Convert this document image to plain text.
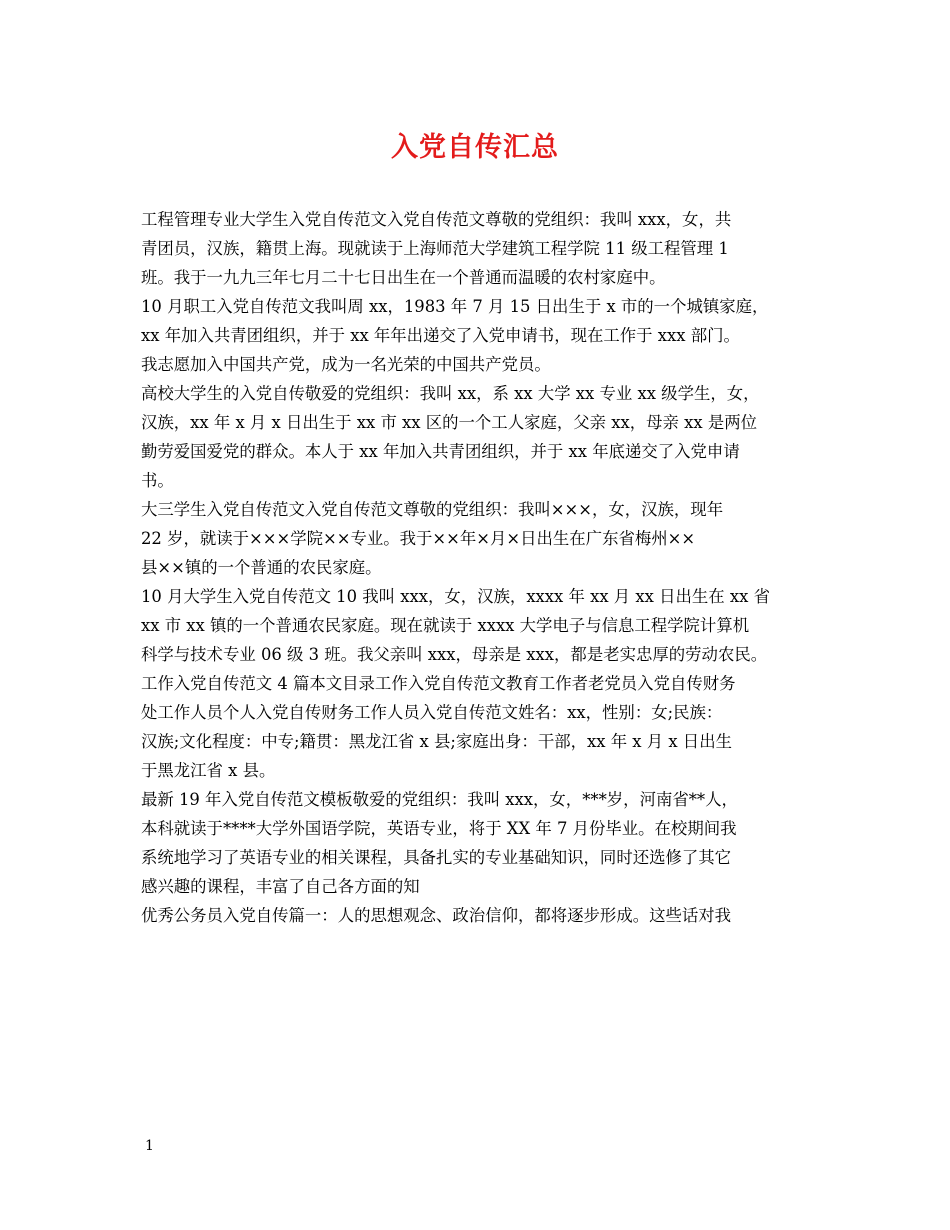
入党自传汇总
工程管理专业大学生入党自传范文入党自传范文尊敬的党组织：我叫 xxx，女，共
青团员，汉族，籍贯上海。现就读于上海师范大学建筑工程学院 11 级工程管理 1
班。我于一九九三年七月二十七日出生在一个普通而温暖的农村家庭中。
10 月职工入党自传范文我叫周 xx，1983 年 7 月 15 日出生于 x 市的一个城镇家庭，
xx 年加入共青团组织，并于 xx 年年出递交了入党申请书，现在工作于 xxx 部门。
我志愿加入中国共产党，成为一名光荣的中国共产党员。
高校大学生的入党自传敬爱的党组织：我叫 xx，系 xx 大学 xx 专业 xx 级学生，女，
汉族，xx 年 x 月 x 日出生于 xx 市 xx 区的一个工人家庭，父亲 xx，母亲 xx 是两位
勤劳爱国爱党的群众。本人于 xx 年加入共青团组织，并于 xx 年底递交了入党申请
书。
大三学生入党自传范文入党自传范文尊敬的党组织：我叫×××，女，汉族，现年
22 岁，就读于×××学院××专业。我于××年×月×日出生在广东省梅州××
县××镇的一个普通的农民家庭。
10 月大学生入党自传范文 10 我叫 xxx，女，汉族，xxxx 年 xx 月 xx 日出生在 xx 省
xx 市 xx 镇的一个普通农民家庭。现在就读于 xxxx 大学电子与信息工程学院计算机
科学与技术专业 06 级 3 班。我父亲叫 xxx，母亲是 xxx，都是老实忠厚的劳动农民。
工作入党自传范文 4 篇本文目录工作入党自传范文教育工作者老党员入党自传财务
处工作人员个人入党自传财务工作人员入党自传范文姓名：xx，性别：女;民族：
汉族;文化程度：中专;籍贯：黑龙江省 x 县;家庭出身：干部，xx 年 x 月 x 日出生
于黑龙江省 x 县。
最新 19 年入党自传范文模板敬爱的党组织：我叫 xxx，女，***岁，河南省**人，
本科就读于****大学外国语学院，英语专业，将于 XX 年 7 月份毕业。在校期间我
系统地学习了英语专业的相关课程，具备扎实的专业基础知识，同时还选修了其它
感兴趣的课程，丰富了自己各方面的知
优秀公务员入党自传篇一：人的思想观念、政治信仰，都将逐步形成。这些话对我
1
